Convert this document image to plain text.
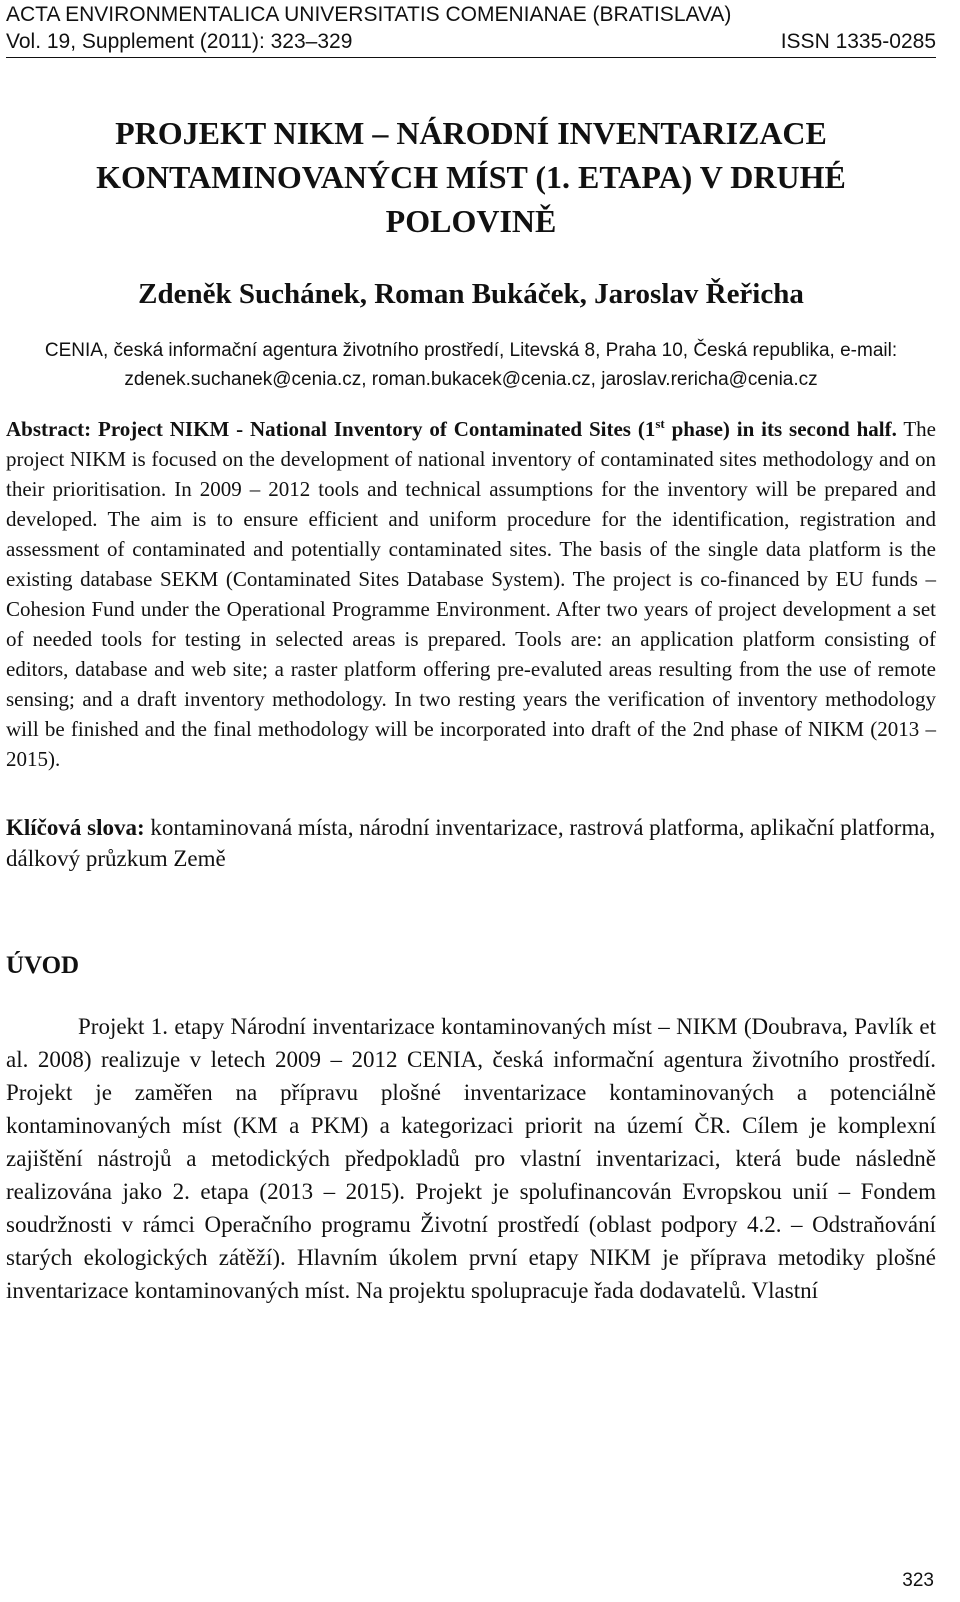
ACTA ENVIRONMENTALICA UNIVERSITATIS COMENIANAE (BRATISLAVA)
Vol. 19, Supplement (2011): 323–329	ISSN 1335-0285
PROJEKT NIKM – NÁRODNÍ INVENTARIZACE KONTAMINOVANÝCH MÍST (1. ETAPA) V DRUHÉ POLOVINĚ
Zdeněk Suchánek, Roman Bukáček, Jaroslav Řeřicha
CENIA, česká informační agentura životního prostředí, Litevská 8, Praha 10, Česká republika, e-mail: zdenek.suchanek@cenia.cz, roman.bukacek@cenia.cz, jaroslav.rericha@cenia.cz
Abstract: Project NIKM - National Inventory of Contaminated Sites (1st phase) in its second half. The project NIKM is focused on the development of national inventory of contaminated sites methodology and on their prioritisation. In 2009 – 2012 tools and technical assumptions for the inventory will be prepared and developed. The aim is to ensure efficient and uniform procedure for the identification, registration and assessment of contaminated and potentially contaminated sites. The basis of the single data platform is the existing database SEKM (Contaminated Sites Database System). The project is co-financed by EU funds – Cohesion Fund under the Operational Programme Environment. After two years of project development a set of needed tools for testing in selected areas is prepared. Tools are: an application platform consisting of editors, database and web site; a raster platform offering pre-evaluted areas resulting from the use of remote sensing; and a draft inventory methodology. In two resting years the verification of inventory methodology will be finished and the final methodology will be incorporated into draft of the 2nd phase of NIKM (2013 – 2015).
Klíčová slova: kontaminovaná místa, národní inventarizace, rastrová platforma, aplikační platforma, dálkový průzkum Země
ÚVOD
Projekt 1. etapy Národní inventarizace kontaminovaných míst – NIKM (Doubrava, Pavlík et al. 2008) realizuje v letech 2009 – 2012 CENIA, česká informační agentura životního prostředí. Projekt je zaměřen na přípravu plošné inventarizace kontaminovaných a potenciálně kontaminovaných míst (KM a PKM) a kategorizaci priorit na území ČR. Cílem je komplexní zajištění nástrojů a metodických předpokladů pro vlastní inventarizaci, která bude následně realizována jako 2. etapa (2013 – 2015). Projekt je spolufinancován Evropskou unií – Fondem soudržnosti v rámci Operačního programu Životní prostředí (oblast podpory 4.2. – Odstraňování starých ekologických zátěží). Hlavním úkolem první etapy NIKM je příprava metodiky plošné inventarizace kontaminovaných míst. Na projektu spolupracuje řada dodavatelů. Vlastní
323
